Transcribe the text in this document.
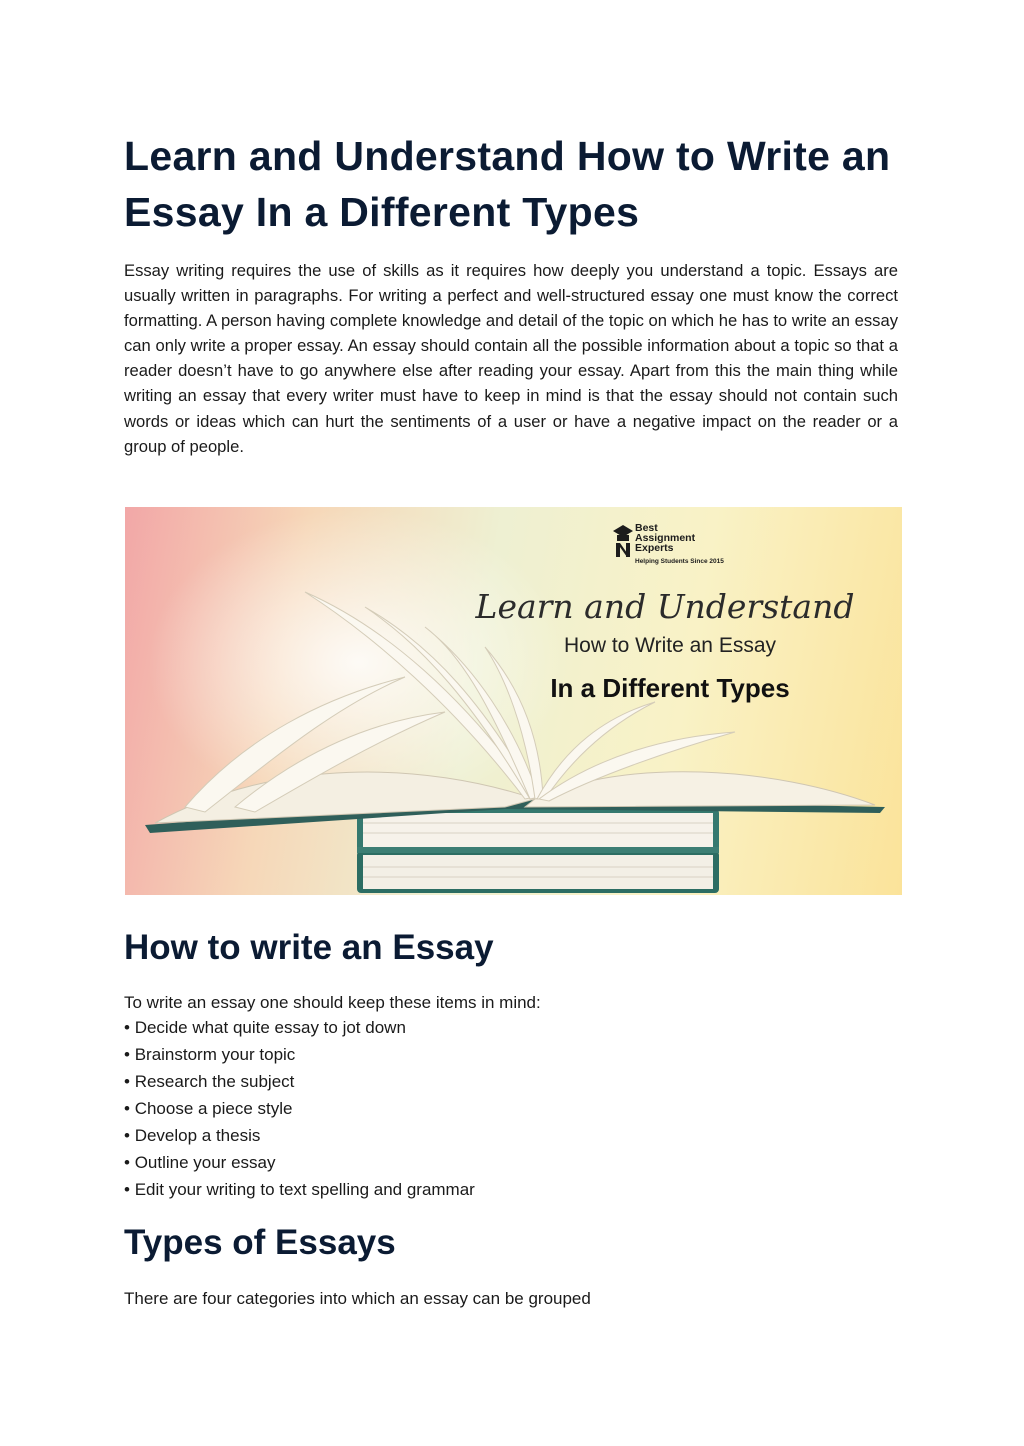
Learn and Understand How to Write an Essay In a Different Types

Essay writing requires the use of skills as it requires how deeply you understand a topic. Essays are usually written in paragraphs. For writing a perfect and well-structured essay one must know the correct formatting. A person having complete knowledge and detail of the topic on which he has to write an essay can only write a proper essay. An essay should contain all the possible information about a topic so that a reader doesn’t have to go anywhere else after reading your essay. Apart from this the main thing while writing an essay that every writer must have to keep in mind is that the essay should not contain such words or ideas which can hurt the sentiments of a user or have a negative impact on the reader or a group of people.

Best
Assignment
Experts
Helping Students Since 2015
Learn and Understand
How to Write an Essay
In a Different Types
How to write an Essay

To write an essay one should keep these items in mind:

• Decide what quite essay to jot down
• Brainstorm your topic
• Research the subject
• Choose a piece style
• Develop a thesis
• Outline your essay
• Edit your writing to text spelling and grammar
Types of Essays

There are four categories into which an essay can be grouped
